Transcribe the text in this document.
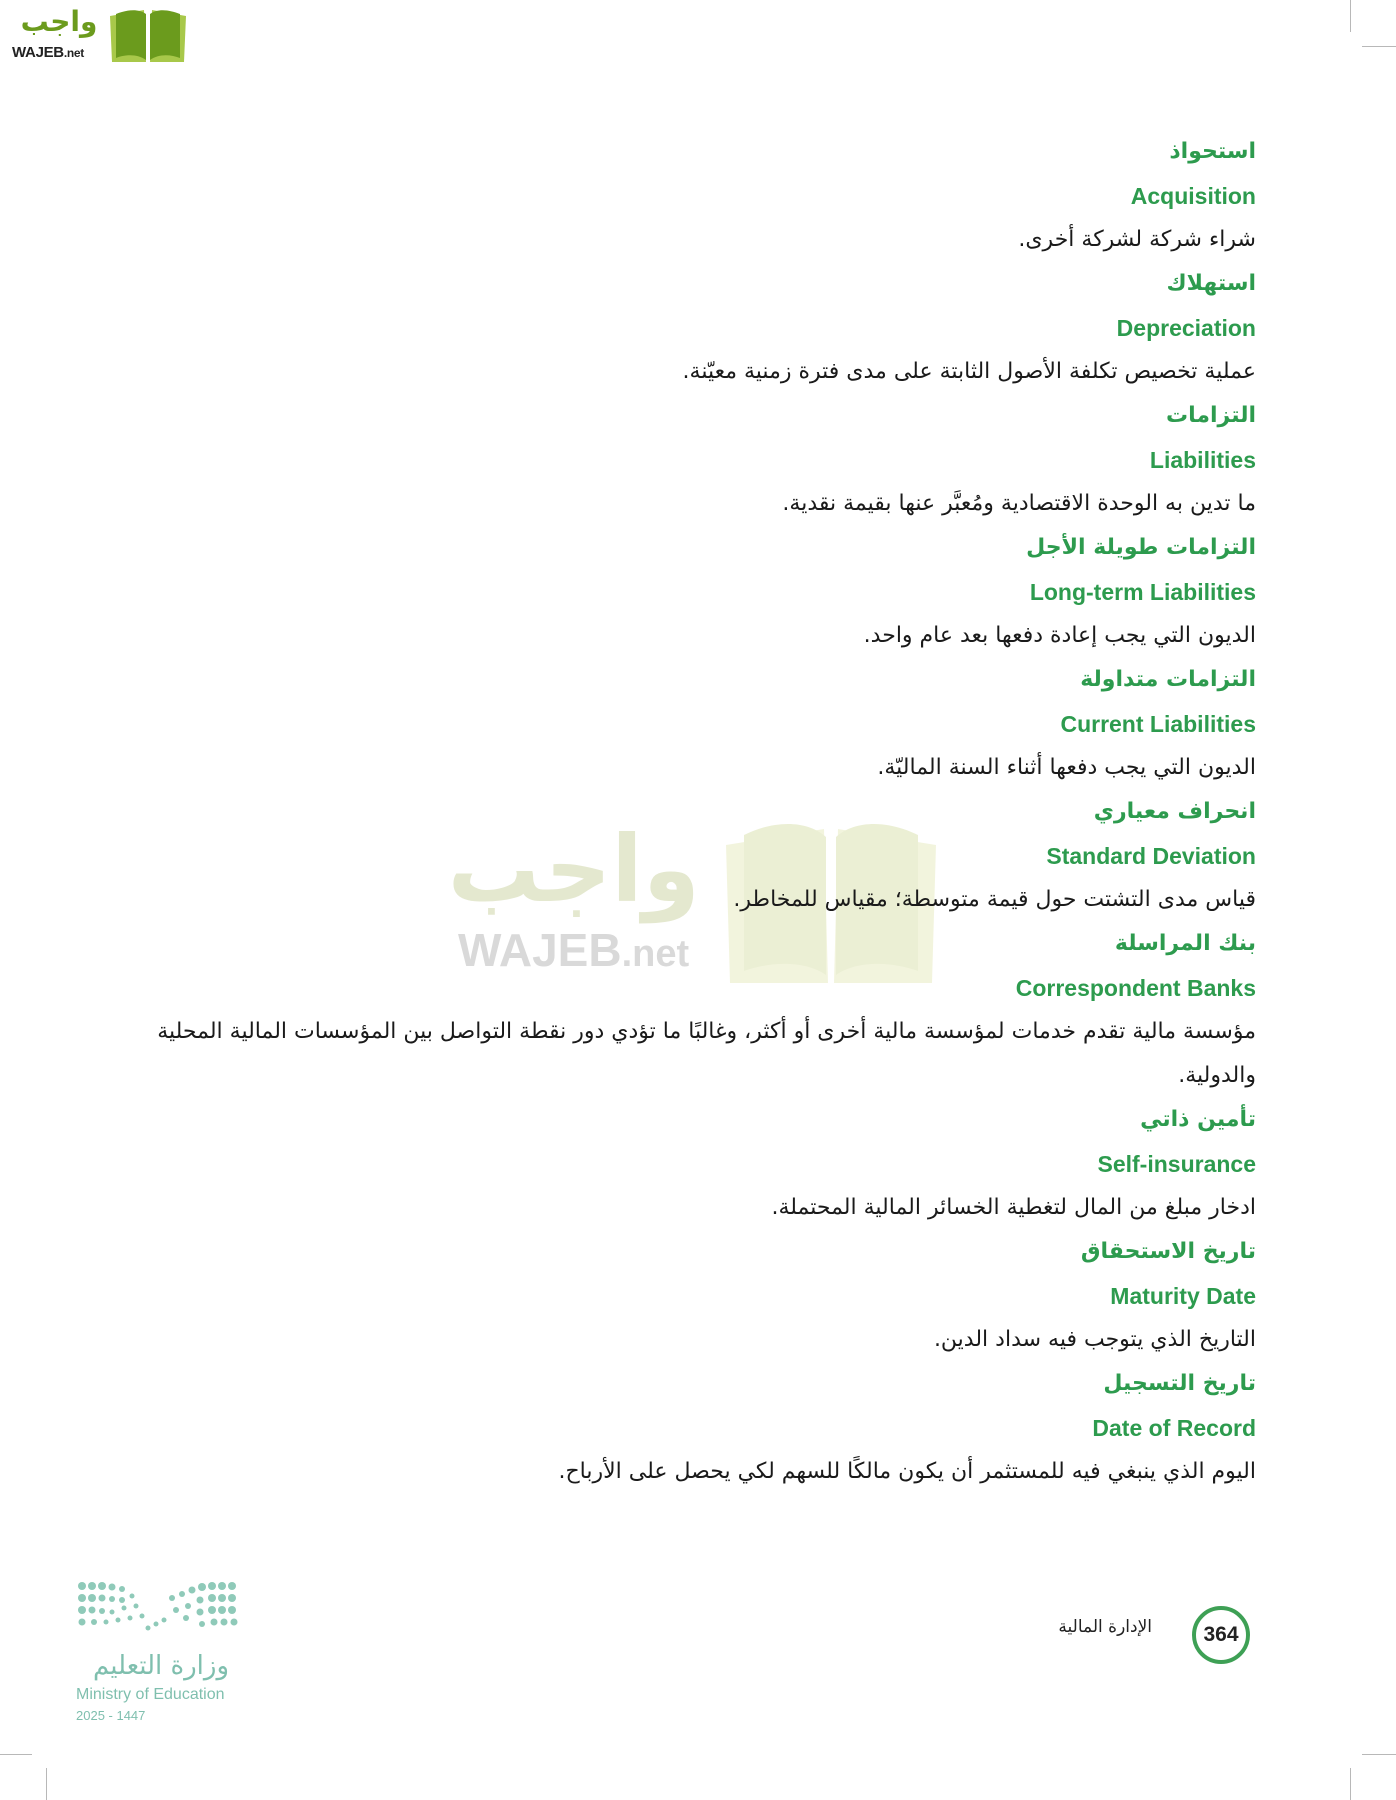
واجب
WAJEB.net
واجب
WAJEB.net
استحواذ
Acquisition
شراء شركة لشركة أخرى.
استهلاك
Depreciation
عملية تخصيص تكلفة الأصول الثابتة على مدى فترة زمنية معيّنة.
التزامات
Liabilities
ما تدين به الوحدة الاقتصادية ومُعبَّر عنها بقيمة نقدية.
التزامات طويلة الأجل
Long-term Liabilities
الديون التي يجب إعادة دفعها بعد عام واحد.
التزامات متداولة
Current Liabilities
الديون التي يجب دفعها أثناء السنة الماليّة.
انحراف معياري
Standard Deviation
قياس مدى التشتت حول قيمة متوسطة؛ مقياس للمخاطر.
بنك المراسلة
Correspondent Banks
مؤسسة مالية تقدم خدمات لمؤسسة مالية أخرى أو أكثر، وغالبًا ما تؤدي دور نقطة التواصل بين المؤسسات المالية المحلية والدولية.
تأمين ذاتي
Self-insurance
ادخار مبلغ من المال لتغطية الخسائر المالية المحتملة.
تاريخ الاستحقاق
Maturity Date
التاريخ الذي يتوجب فيه سداد الدين.
تاريخ التسجيل
Date of Record
اليوم الذي ينبغي فيه للمستثمر أن يكون مالكًا للسهم لكي يحصل على الأرباح.
364
الإدارة المالية
وزارة التعليم
Ministry of Education
2025 - 1447
